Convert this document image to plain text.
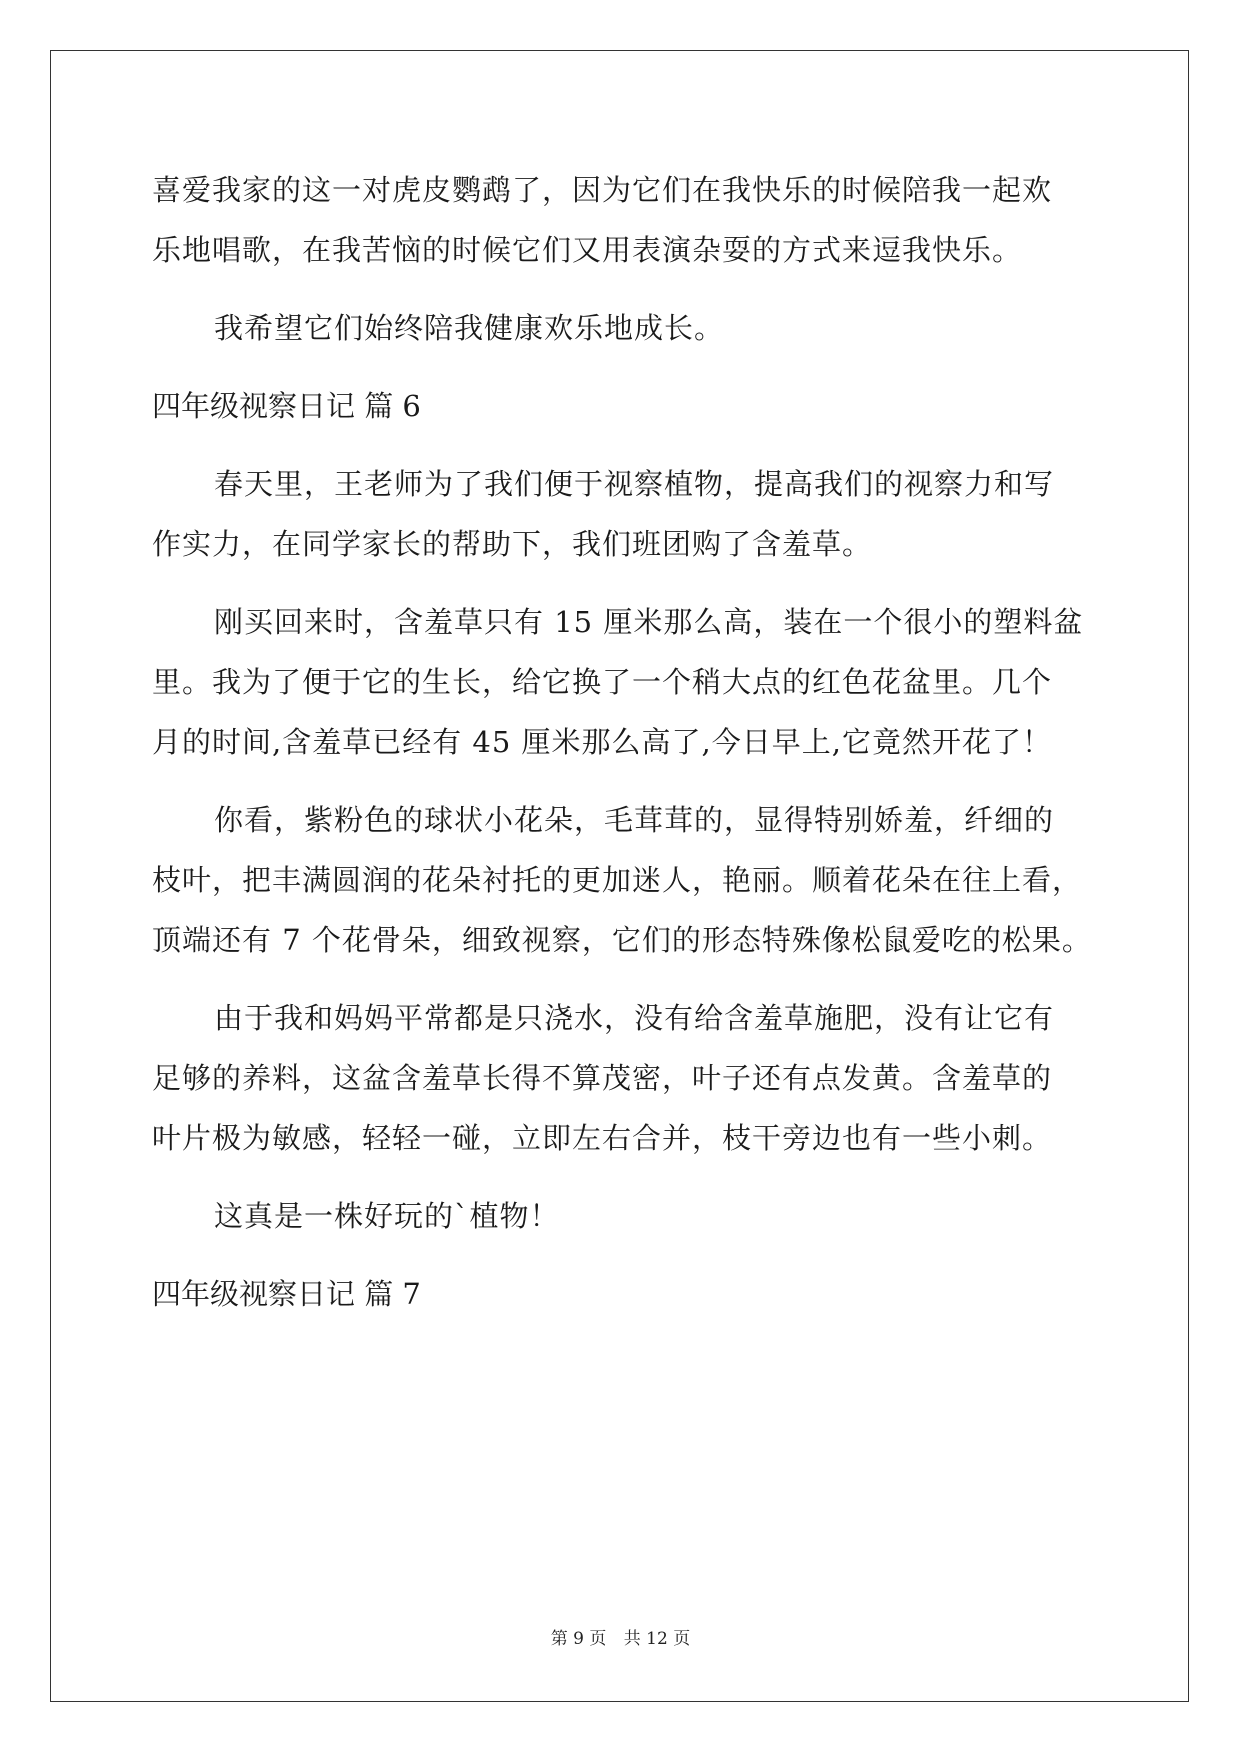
喜爱我家的这一对虎皮鹦鹉了，因为它们在我快乐的时候陪我一起欢
乐地唱歌，在我苦恼的时候它们又用表演杂耍的方式来逗我快乐。
我希望它们始终陪我健康欢乐地成长。
四年级视察日记 篇 6
春天里，王老师为了我们便于视察植物，提高我们的视察力和写
作实力，在同学家长的帮助下，我们班团购了含羞草。
刚买回来时，含羞草只有 15 厘米那么高，装在一个很小的塑料盆
里。我为了便于它的生长，给它换了一个稍大点的红色花盆里。几个
月的时间,含羞草已经有 45 厘米那么高了,今日早上,它竟然开花了！
你看，紫粉色的球状小花朵，毛茸茸的，显得特别娇羞，纤细的
枝叶，把丰满圆润的花朵衬托的更加迷人，艳丽。顺着花朵在往上看，
顶端还有 7 个花骨朵，细致视察，它们的形态特殊像松鼠爱吃的松果。
由于我和妈妈平常都是只浇水，没有给含羞草施肥，没有让它有
足够的养料，这盆含羞草长得不算茂密，叶子还有点发黄。含羞草的
叶片极为敏感，轻轻一碰，立即左右合并，枝干旁边也有一些小刺。
这真是一株好玩的`植物！
四年级视察日记 篇 7
第 9 页 共 12 页
